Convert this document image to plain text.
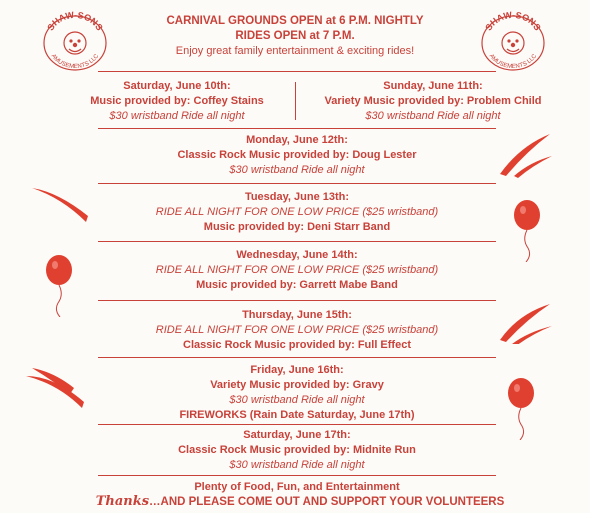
SHAW-SONS
AMUSEMENTS LLC
SHAW-SONS
AMUSEMENTS LLC
CARNIVAL GROUNDS OPEN at 6 P.M. NIGHTLY
RIDES OPEN at 7 P.M.
Enjoy great family entertainment & exciting rides!
Saturday, June 10th:
Music provided by: Coffey Stains
$30 wristband Ride all night
Sunday, June 11th:
Variety Music provided by: Problem Child
$30 wristband Ride all night
Monday, June 12th:
Classic Rock Music provided by: Doug Lester
$30 wristband Ride all night
Tuesday, June 13th:
RIDE ALL NIGHT FOR ONE LOW PRICE ($25 wristband)
Music provided by: Deni Starr Band
Wednesday, June 14th:
RIDE ALL NIGHT FOR ONE LOW PRICE ($25 wristband)
Music provided by: Garrett Mabe Band
Thursday, June 15th:
RIDE ALL NIGHT FOR ONE LOW PRICE ($25 wristband)
Classic Rock Music provided by: Full Effect
Friday, June 16th:
Variety Music provided by: Gravy
$30 wristband Ride all night
FIREWORKS (Rain Date Saturday, June 17th)
Saturday, June 17th:
Classic Rock Music provided by: Midnite Run
$30 wristband Ride all night
Plenty of Food, Fun, and Entertainment
Thanks…AND PLEASE COME OUT AND SUPPORT YOUR VOLUNTEERS
